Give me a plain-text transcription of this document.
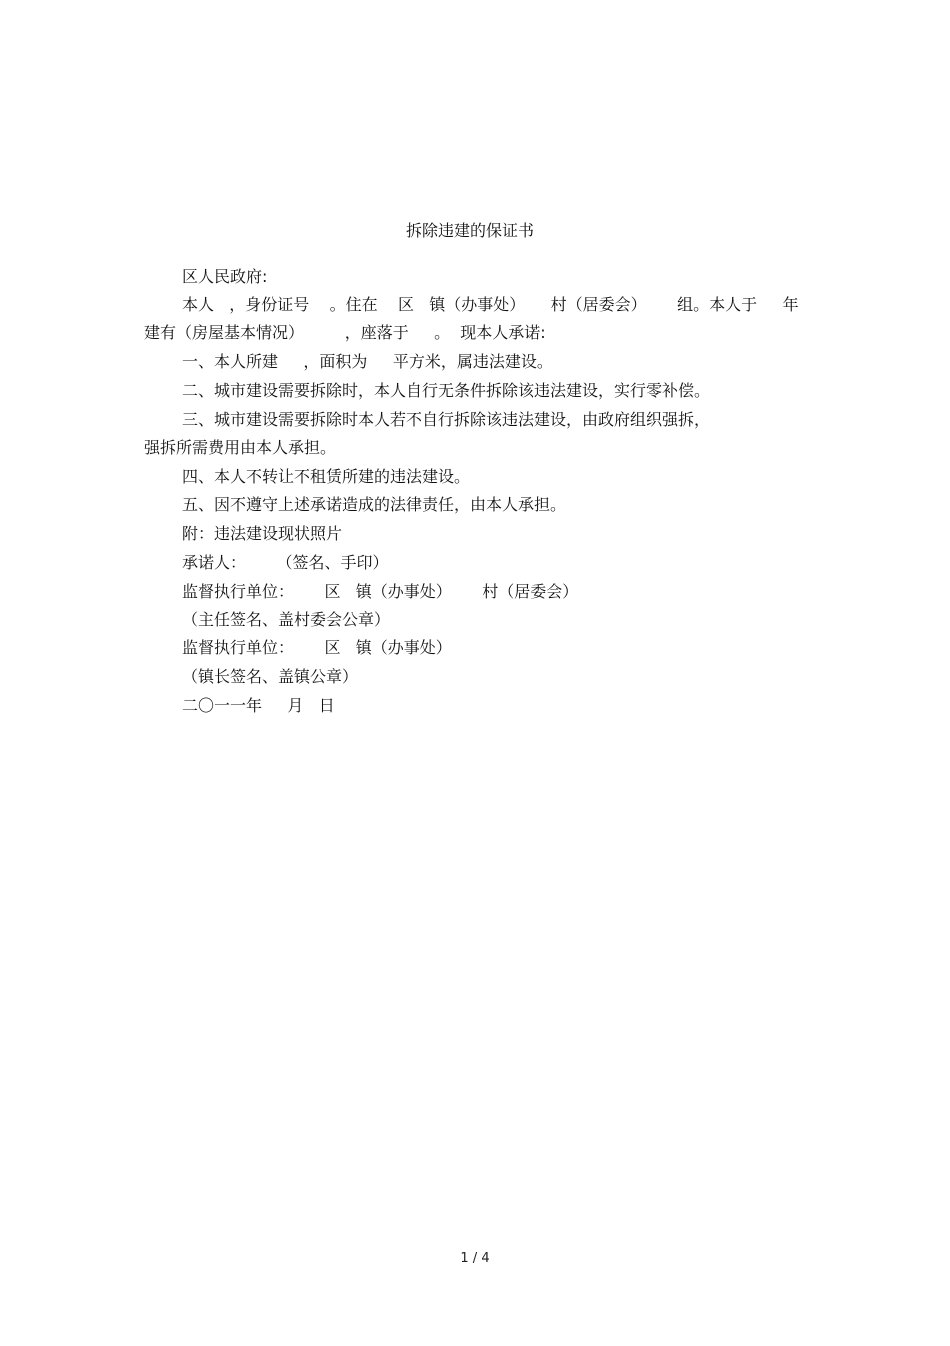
拆除违建的保证书
区人民政府:
本人   ，身份证号    。住在    区   镇（办事处）     村（居委会）      组。本人于     年
建有（房屋基本情况）        ，座落于     。  现本人承诺:
一、本人所建     ，面积为     平方米，属违法建设。
二、城市建设需要拆除时，本人自行无条件拆除该违法建设，实行零补偿。
三、城市建设需要拆除时本人若不自行拆除该违法建设，由政府组织强拆，
强拆所需费用由本人承担。
四、本人不转让不租赁所建的违法建设。
五、因不遵守上述承诺造成的法律责任，由本人承担。
附：违法建设现状照片
承诺人：      （签名、手印）
监督执行单位：      区   镇（办事处）      村（居委会）
（主任签名、盖村委会公章）
监督执行单位：      区   镇（办事处）
（镇长签名、盖镇公章）
二〇一一年     月   日
1 / 4
